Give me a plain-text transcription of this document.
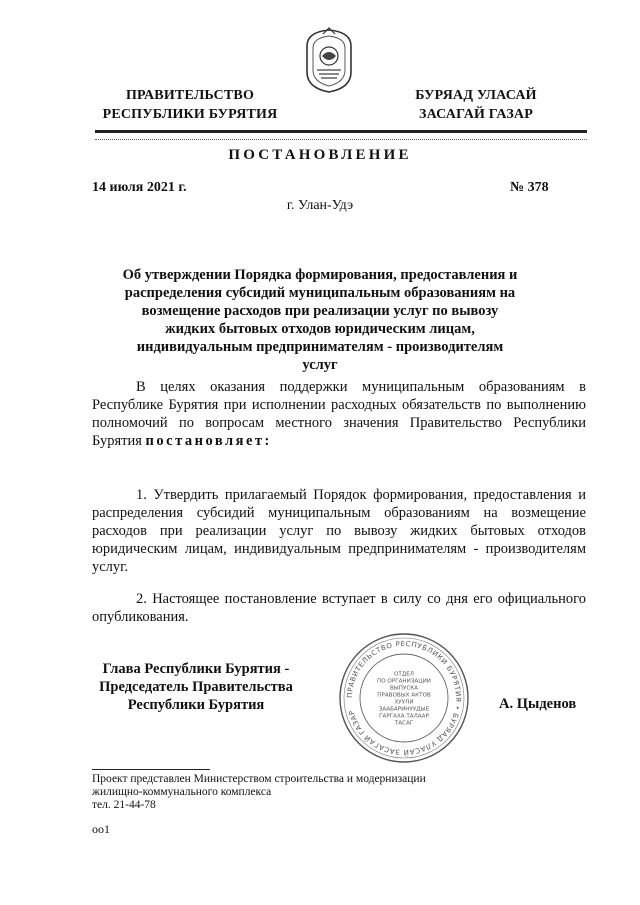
ПРАВИТЕЛЬСТВО
РЕСПУБЛИКИ БУРЯТИЯ
БУРЯАД УЛАСАЙ
ЗАСАГАЙ ГАЗАР
ПОСТАНОВЛЕНИЕ
14 июля 2021 г.	№ 378
г. Улан-Удэ
Об утверждении Порядка формирования, предоставления и распределения субсидий муниципальным образованиям на возмещение расходов при реализации услуг по вывозу жидких бытовых отходов юридическим лицам, индивидуальным предпринимателям - производителям услуг

В целях оказания поддержки муниципальным образованиям в Республике Бурятия при исполнении расходных обязательств по выполнению полномочий по вопросам местного значения Правительство Республики Бурятия постановляет:

1. Утвердить прилагаемый Порядок формирования, предоставления и распределения субсидий муниципальным образованиям на возмещение расходов при реализации услуг по вывозу жидких бытовых отходов юридическим лицам, индивидуальным предпринимателям - производителям услуг.

2. Настоящее постановление вступает в силу со дня его официального опубликования.

Глава Республики Бурятия -
Председатель Правительства
Республики Бурятия	А. Цыденов
ПРАВИТЕЛЬСТВО РЕСПУБЛИКИ БУРЯТИЯ • БУРЯАД УЛАСАЙ ЗАСАГАЙ ГАЗАР
ОТДЕЛ
ПО ОРГАНИЗАЦИИ
ВЫПУСКА
ПРАВОВЫХ АКТОВ
ХУУЛИ
ЗААБАРИНУУДЫЕ
ГАРГАХА ТАЛААР
ТАСАГ
Проект представлен Министерством строительства и модернизации
жилищно-коммунального комплекса
тел. 21-44-78
оо1
